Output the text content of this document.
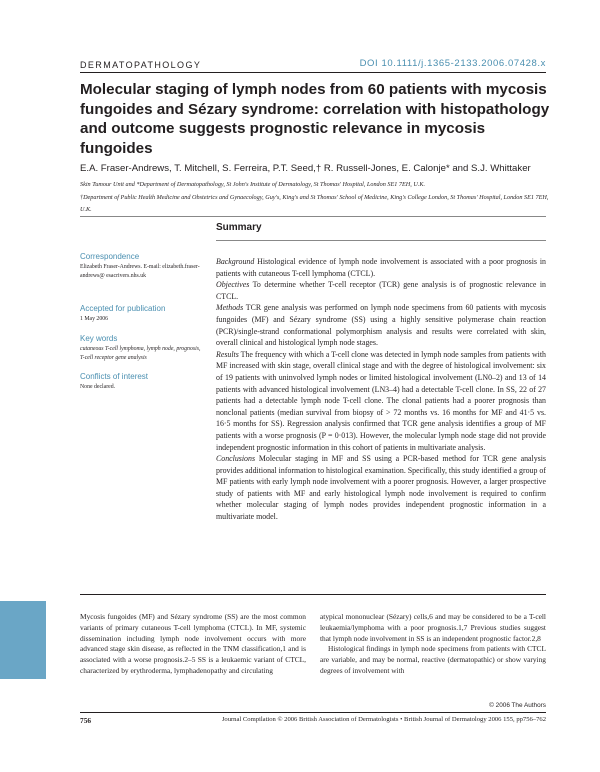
DERMATOPATHOLOGY	DOI 10.1111/j.1365-2133.2006.07428.x
Molecular staging of lymph nodes from 60 patients with mycosis fungoides and Sézary syndrome: correlation with histopathology and outcome suggests prognostic relevance in mycosis fungoides
E.A. Fraser-Andrews, T. Mitchell, S. Ferreira, P.T. Seed,† R. Russell-Jones, E. Calonje* and S.J. Whittaker
Skin Tumour Unit and *Department of Dermatopathology, St John's Institute of Dermatology, St Thomas' Hospital, London SE1 7EH, U.K.
†Department of Public Health Medicine and Obstetrics and Gynaecology, Guy's, King's and St Thomas' School of Medicine, King's College London, St Thomas' Hospital, London SE1 7EH, U.K.
Summary
Correspondence
Elizabeth Fraser-Andrews. E-mail: elizabeth.fraser-andrews@ esacrivers.nhs.uk
Accepted for publication
1 May 2006
Key words
cutaneous T-cell lymphoma, lymph node, prognosis, T-cell receptor gene analysis
Conflicts of interest
None declared.

Background Histological evidence of lymph node involvement is associated with a poor prognosis in patients with cutaneous T-cell lymphoma (CTCL).

Objectives To determine whether T-cell receptor (TCR) gene analysis is of prognostic relevance in CTCL.

Methods TCR gene analysis was performed on lymph node specimens from 60 patients with mycosis fungoides (MF) and Sézary syndrome (SS) using a highly sensitive polymerase chain reaction (PCR)/single-strand conformational polymorphism analysis and results were correlated with skin, overall clinical and histological lymph node stages.

Results The frequency with which a T-cell clone was detected in lymph node samples from patients with MF increased with skin stage, overall clinical stage and with the degree of histological involvement: six of 19 patients with uninvolved lymph nodes or limited histological involvement (LN0–2) and 13 of 14 patients with advanced histological involvement (LN3–4) had a detectable T-cell clone. In SS, 22 of 27 patients had a detectable lymph node T-cell clone. The clonal patients had a poorer prognosis than nonclonal patients (median survival from biopsy of > 72 months vs. 16 months for MF and 41·5 vs. 16·5 months for SS). Regression analysis confirmed that TCR gene analysis identifies a group of MF patients with a worse prognosis (P = 0·013). However, the molecular lymph node stage did not provide independent prognostic information in this cohort of patients in multivariate analysis.

Conclusions Molecular staging in MF and SS using a PCR-based method for TCR gene analysis provides additional information to histological examination. Specifically, this study identified a group of MF patients with early lymph node involvement with a poorer prognosis. However, a larger prospective study of patients with MF and early histological lymph node involvement is required to confirm whether molecular staging of lymph nodes provides independent prognostic information in a multivariate model.

Mycosis fungoides (MF) and Sézary syndrome (SS) are the most common variants of primary cutaneous T-cell lymphoma (CTCL). In MF, systemic dissemination including lymph node involvement occurs with more advanced stage skin disease, as reflected in the TNM classification,1 and is associated with a worse prognosis.2–5 SS is a leukaemic variant of CTCL, characterized by erythroderma, lymphadenopathy and circulating

atypical mononuclear (Sézary) cells,6 and may be considered to be a T-cell leukaemia/lymphoma with a poor prognosis.1,7 Previous studies suggest that lymph node involvement in SS is an independent prognostic factor.2,8

Histological findings in lymph node specimens from patients with CTCL are variable, and may be normal, reactive (dermatopathic) or show varying degrees of involvement with

© 2006 The Authors
756	Journal Compilation © 2006 British Association of Dermatologists • British Journal of Dermatology 2006 155, pp756–762
